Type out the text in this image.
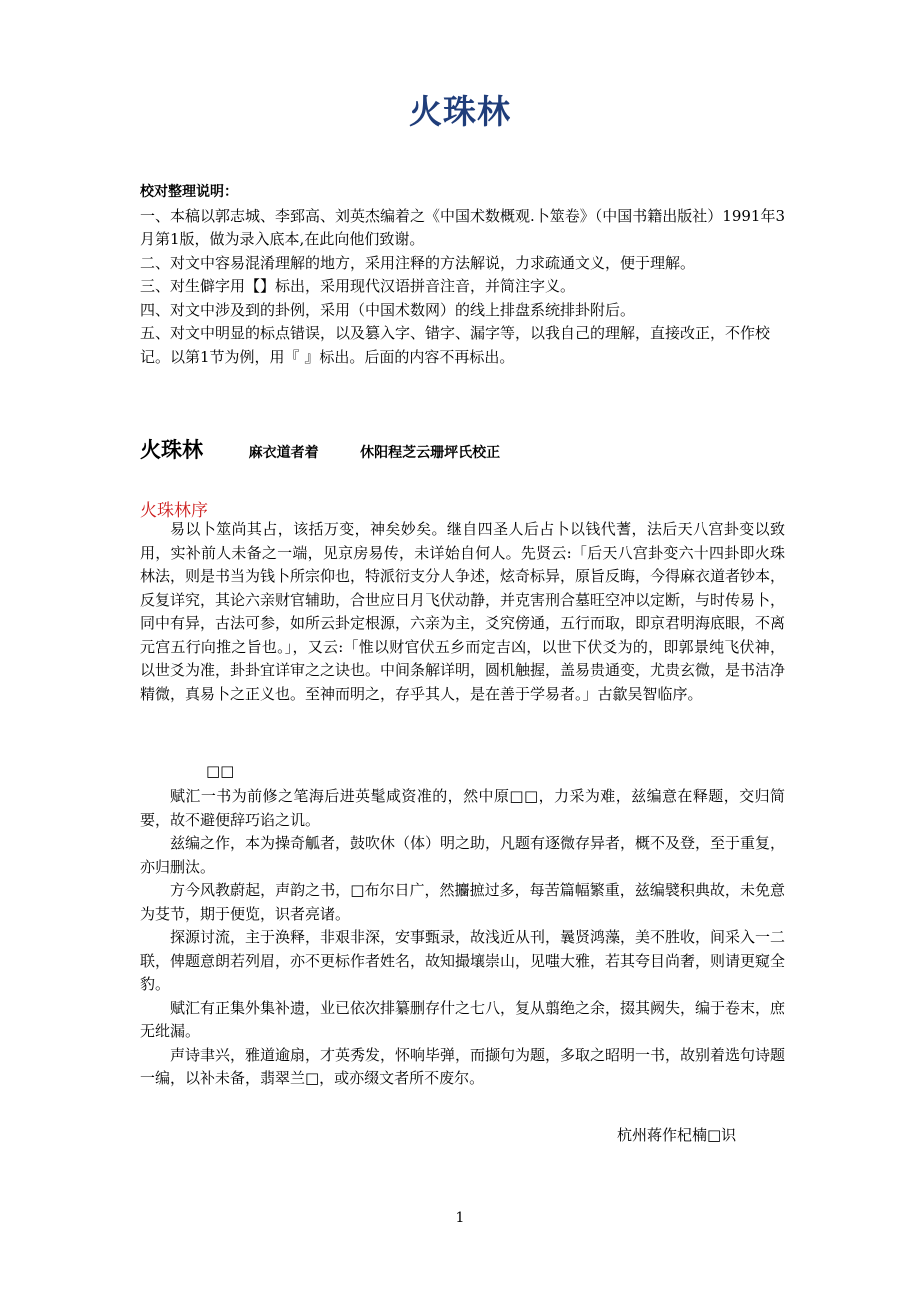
火珠林

校对整理说明：

一、本稿以郭志城、李郅高、刘英杰编着之《中国术数概观.卜筮卷》（中国书籍出版社）1991年3月第1版，做为录入底本,在此向他们致谢。

二、对文中容易混淆理解的地方，采用注释的方法解说，力求疏通文义，便于理解。

三、对生僻字用【】标出，采用现代汉语拼音注音，并简注字义。

四、对文中涉及到的卦例，采用（中国术数网）的线上排盘系统排卦附后。

五、对文中明显的标点错误，以及篡入字、错字、漏字等，以我自己的理解，直接改正，不作校记。以第1节为例，用『 』标出。后面的内容不再标出。

火珠林	麻衣道者着	休阳程芝云珊坪氏校正
火珠林序

易以卜筮尚其占，该括万变，神矣妙矣。继自四圣人后占卜以钱代蓍，法后天八宫卦变以致用，实补前人未备之一端，见京房易传，未详始自何人。先贤云:「后天八宫卦变六十四卦即火珠林法，则是书当为钱卜所宗仰也，特派衍支分人争述，炫奇标异，原旨反晦，今得麻衣道者钞本，反复详究，其论六亲财官辅助，合世应日月飞伏动静，并克害刑合墓旺空冲以定断，与时传易卜，同中有异，古法可参，如所云卦定根源，六亲为主，爻究傍通，五行而取，即京君明海底眼，不离元宫五行向推之旨也。」，又云:「惟以财官伏五乡而定吉凶，以世下伏爻为的，即郭景纯飞伏神，以世爻为准，卦卦宜详审之之诀也。中间条解详明，圆机触握，盖易贵通变，尤贵玄微，是书洁净精微，真易卜之正义也。至神而明之，存乎其人，是在善于学易者。」古歙吴智临序。

□□

赋汇一书为前修之笔海后进英髦咸资准的，然中原□□，力采为难，兹编意在释题，交归简要，故不避便辞巧谄之讥。

兹编之作，本为操奇觚者，鼓吹休（体）明之助，凡题有逐微存异者，概不及登，至于重复，亦归删汰。

方今风教蔚起，声韵之书，□布尔日广，然攟摭过多，每苦篇幅繁重，兹编襞积典故，未免意为芟节，期于便览，识者亮诸。

探源讨流，主于涣释，非艰非深，安事甄录，故浅近从刊，曩贤鸿藻，美不胜收，间采入一二联，俾题意朗若列眉，亦不更标作者姓名，故知撮壤崇山，见嗤大雅，若其夸目尚奢，则请更窥全豹。

赋汇有正集外集补遗，业已依次排纂删存什之七八，复从翦绝之余，掇其阙失，编于卷末，庶无纰漏。

声诗聿兴，雅道逾扇，才英秀发，怀响毕弹，而撷句为题，多取之昭明一书，故别着选句诗题一编，以补未备，翡翠兰□，或亦缀文者所不废尔。

杭州蒋作杞楠□识
1
